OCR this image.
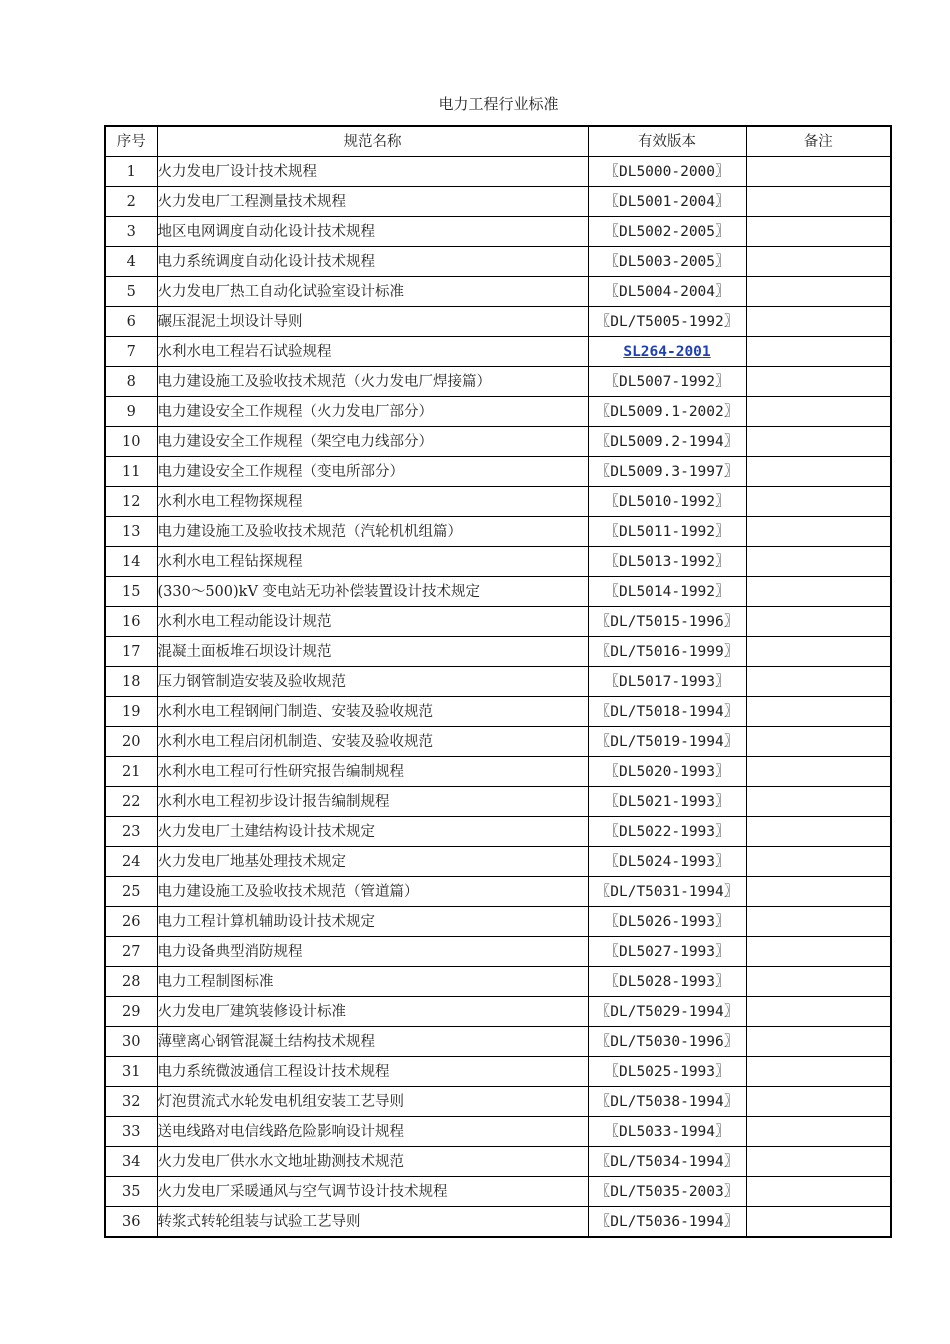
电力工程行业标准
序号	规范名称	有效版本	备注
1	火力发电厂设计技术规程	〖DL5000-2000〗	
2	火力发电厂工程测量技术规程	〖DL5001-2004〗	
3	地区电网调度自动化设计技术规程	〖DL5002-2005〗	
4	电力系统调度自动化设计技术规程	〖DL5003-2005〗	
5	火力发电厂热工自动化试验室设计标准	〖DL5004-2004〗	
6	碾压混泥土坝设计导则	〖DL/T5005-1992〗	
7	水利水电工程岩石试验规程	SL264-2001	
8	电力建设施工及验收技术规范（火力发电厂焊接篇）	〖DL5007-1992〗	
9	电力建设安全工作规程（火力发电厂部分）	〖DL5009.1-2002〗	
10	电力建设安全工作规程（架空电力线部分）	〖DL5009.2-1994〗	
11	电力建设安全工作规程（变电所部分）	〖DL5009.3-1997〗	
12	水利水电工程物探规程	〖DL5010-1992〗	
13	电力建设施工及验收技术规范（汽轮机机组篇）	〖DL5011-1992〗	
14	水利水电工程钻探规程	〖DL5013-1992〗	
15	(330～500)kV 变电站无功补偿装置设计技术规定	〖DL5014-1992〗	
16	水利水电工程动能设计规范	〖DL/T5015-1996〗	
17	混凝土面板堆石坝设计规范	〖DL/T5016-1999〗	
18	压力钢管制造安装及验收规范	〖DL5017-1993〗	
19	水利水电工程钢闸门制造、安装及验收规范	〖DL/T5018-1994〗	
20	水利水电工程启闭机制造、安装及验收规范	〖DL/T5019-1994〗	
21	水利水电工程可行性研究报告编制规程	〖DL5020-1993〗	
22	水利水电工程初步设计报告编制规程	〖DL5021-1993〗	
23	火力发电厂土建结构设计技术规定	〖DL5022-1993〗	
24	火力发电厂地基处理技术规定	〖DL5024-1993〗	
25	电力建设施工及验收技术规范（管道篇）	〖DL/T5031-1994〗	
26	电力工程计算机辅助设计技术规定	〖DL5026-1993〗	
27	电力设备典型消防规程	〖DL5027-1993〗	
28	电力工程制图标准	〖DL5028-1993〗	
29	火力发电厂建筑装修设计标准	〖DL/T5029-1994〗	
30	薄壁离心钢管混凝土结构技术规程	〖DL/T5030-1996〗	
31	电力系统微波通信工程设计技术规程	〖DL5025-1993〗	
32	灯泡贯流式水轮发电机组安装工艺导则	〖DL/T5038-1994〗	
33	送电线路对电信线路危险影响设计规程	〖DL5033-1994〗	
34	火力发电厂供水水文地址勘测技术规范	〖DL/T5034-1994〗	
35	火力发电厂采暖通风与空气调节设计技术规程	〖DL/T5035-2003〗	
36	转浆式转轮组装与试验工艺导则	〖DL/T5036-1994〗	
